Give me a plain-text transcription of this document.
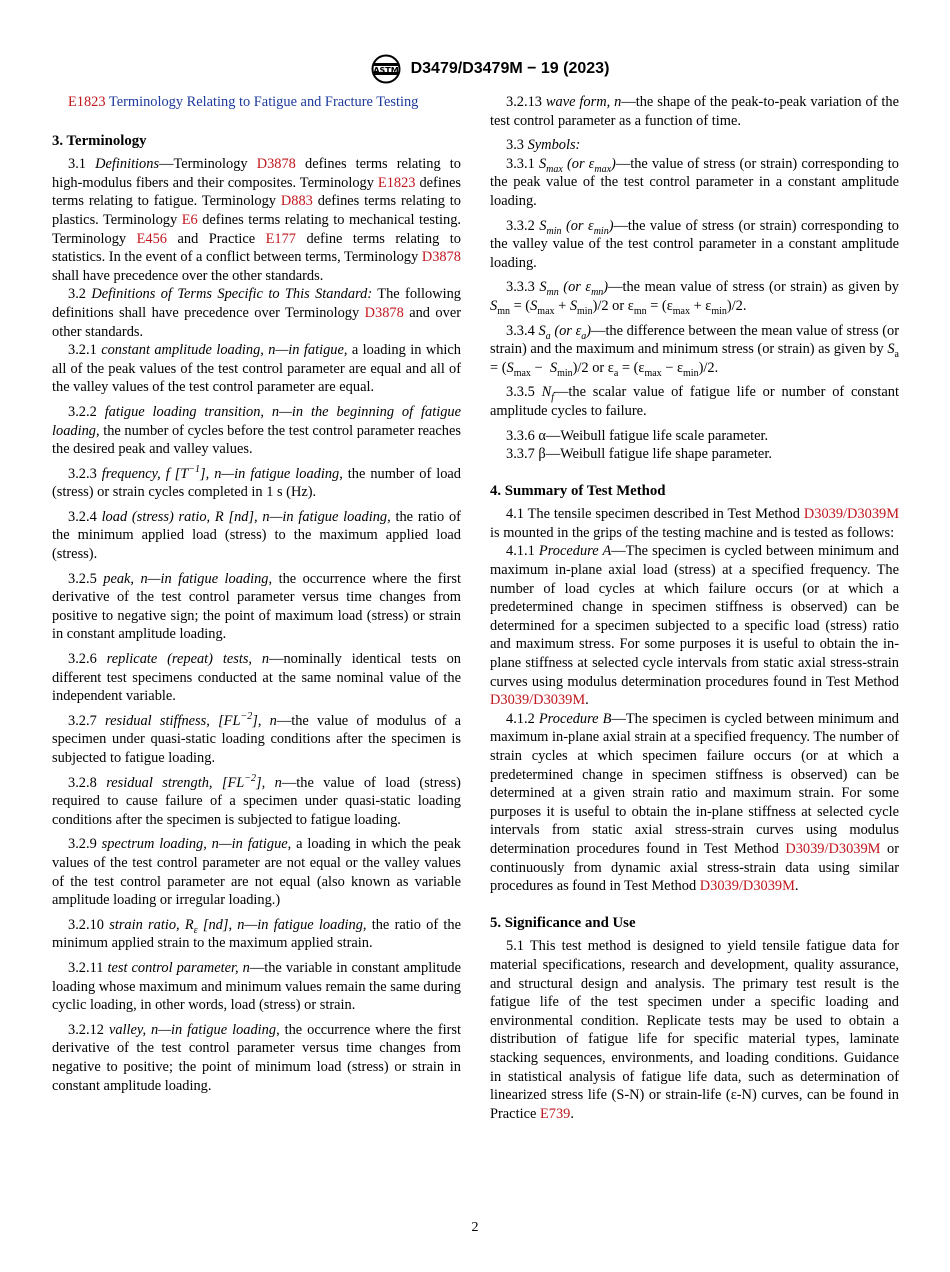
ASTM D3479/D3479M − 19 (2023)

E1823 Terminology Relating to Fatigue and Fracture Testing

3. Terminology

3.1 Definitions—Terminology D3878 defines terms relating to high-modulus fibers and their composites. Terminology E1823 defines terms relating to fatigue. Terminology D883 defines terms relating to plastics. Terminology E6 defines terms relating to mechanical testing. Terminology E456 and Practice E177 define terms relating to statistics. In the event of a conflict between terms, Terminology D3878 shall have precedence over the other standards.

3.2 Definitions of Terms Specific to This Standard: The following definitions shall have precedence over Terminology D3878 and over other standards.

3.2.1 constant amplitude loading, n—in fatigue, a loading in which all of the peak values of the test control parameter are equal and all of the valley values of the test control parameter are equal.

3.2.2 fatigue loading transition, n—in the beginning of fatigue loading, the number of cycles before the test control parameter reaches the desired peak and valley values.

3.2.3 frequency, f $[T^{-1}]$, n—in fatigue loading, the number of load (stress) or strain cycles completed in 1 s (Hz).

3.2.4 load (stress) ratio, R [nd], n—in fatigue loading, the ratio of the minimum applied load (stress) to the maximum applied load (stress).

3.2.5 peak, n—in fatigue loading, the occurrence where the first derivative of the test control parameter versus time changes from positive to negative sign; the point of maximum load (stress) or strain in constant amplitude loading.

3.2.6 replicate (repeat) tests, n—nominally identical tests on different test specimens conducted at the same nominal value of the independent variable.

3.2.7 residual stiffness, $[FL^{-2}]$, n—the value of modulus of a specimen under quasi-static loading conditions after the specimen is subjected to fatigue loading.

3.2.8 residual strength, $[FL^{-2}]$, n—the value of load (stress) required to cause failure of a specimen under quasi-static loading conditions after the specimen is subjected to fatigue loading.

3.2.9 spectrum loading, n—in fatigue, a loading in which the peak values of the test control parameter are not equal or the valley values of the test control parameter are not equal (also known as variable amplitude loading or irregular loading.)

3.2.10 strain ratio, $R_\varepsilon$ [nd], n—in fatigue loading, the ratio of the minimum applied strain to the maximum applied strain.

3.2.11 test control parameter, n—the variable in constant amplitude loading whose maximum and minimum values remain the same during cyclic loading, in other words, load (stress) or strain.

3.2.12 valley, n—in fatigue loading, the occurrence where the first derivative of the test control parameter versus time changes from negative to positive; the point of minimum load (stress) or strain in constant amplitude loading.

3.2.13 wave form, n—the shape of the peak-to-peak variation of the test control parameter as a function of time.

3.3 Symbols:

3.3.1 $S_{max}$ (or $\varepsilon_{max})—the$ value of stress (or strain) corresponding to the peak value of the test control parameter in a constant amplitude loading.

3.3.2 $S_{min}$ (or $\varepsilon_{min})—the$ value of stress (or strain) corresponding to the valley value of the test control parameter in a constant amplitude loading.

3.3.3 $S_{mn}$ (or $\varepsilon_{mn})—the$ mean value of stress (or strain) as given by $S_{mn} = (S_{max} + S_{min})/2$ or $\varepsilon_{mn} = (\varepsilon_{max} + \varepsilon_{min})/2$.

3.3.4 $S_a$ (or $\varepsilon_a)—the$ difference between the mean value of stress (or strain) and the maximum and minimum stress (or strain) as given by $S_a = (S_{max} - S_{min})/2$ or $\varepsilon_a = (\varepsilon_{max} - \varepsilon_{min})/2$.

3.3.5 $N_f—the$ scalar value of fatigue life or number of constant amplitude cycles to failure.

3.3.6 α—Weibull fatigue life scale parameter.

3.3.7 β—Weibull fatigue life shape parameter.

4. Summary of Test Method

4.1 The tensile specimen described in Test Method D3039/D3039M is mounted in the grips of the testing machine and is tested as follows:

4.1.1 Procedure A—The specimen is cycled between minimum and maximum in-plane axial load (stress) at a specified frequency. The number of load cycles at which failure occurs (or at which a predetermined change in specimen stiffness is observed) can be determined for a specimen subjected to a specific load (stress) ratio and maximum stress. For some purposes it is useful to obtain the in-plane stiffness at selected cycle intervals from static axial stress-strain curves using modulus determination procedures found in Test Method D3039/D3039M.

4.1.2 Procedure B—The specimen is cycled between minimum and maximum in-plane axial strain at a specified frequency. The number of strain cycles at which specimen failure occurs (or at which a predetermined change in specimen stiffness is observed) can be determined at a given strain ratio and maximum strain. For some purposes it is useful to obtain the in-plane stiffness at selected cycle intervals from static axial stress-strain curves using modulus determination procedures found in Test Method D3039/D3039M or continuously from dynamic axial stress-strain data using similar procedures as found in Test Method D3039/D3039M.

5. Significance and Use

5.1 This test method is designed to yield tensile fatigue data for material specifications, research and development, quality assurance, and structural design and analysis. The primary test result is the fatigue life of the test specimen under a specific loading and environmental condition. Replicate tests may be used to obtain a distribution of fatigue life for specific material types, laminate stacking sequences, environments, and loading conditions. Guidance in statistical analysis of fatigue life data, such as determination of linearized stress life (S-N) or strain-life (ε-N) curves, can be found in Practice E739.

2
